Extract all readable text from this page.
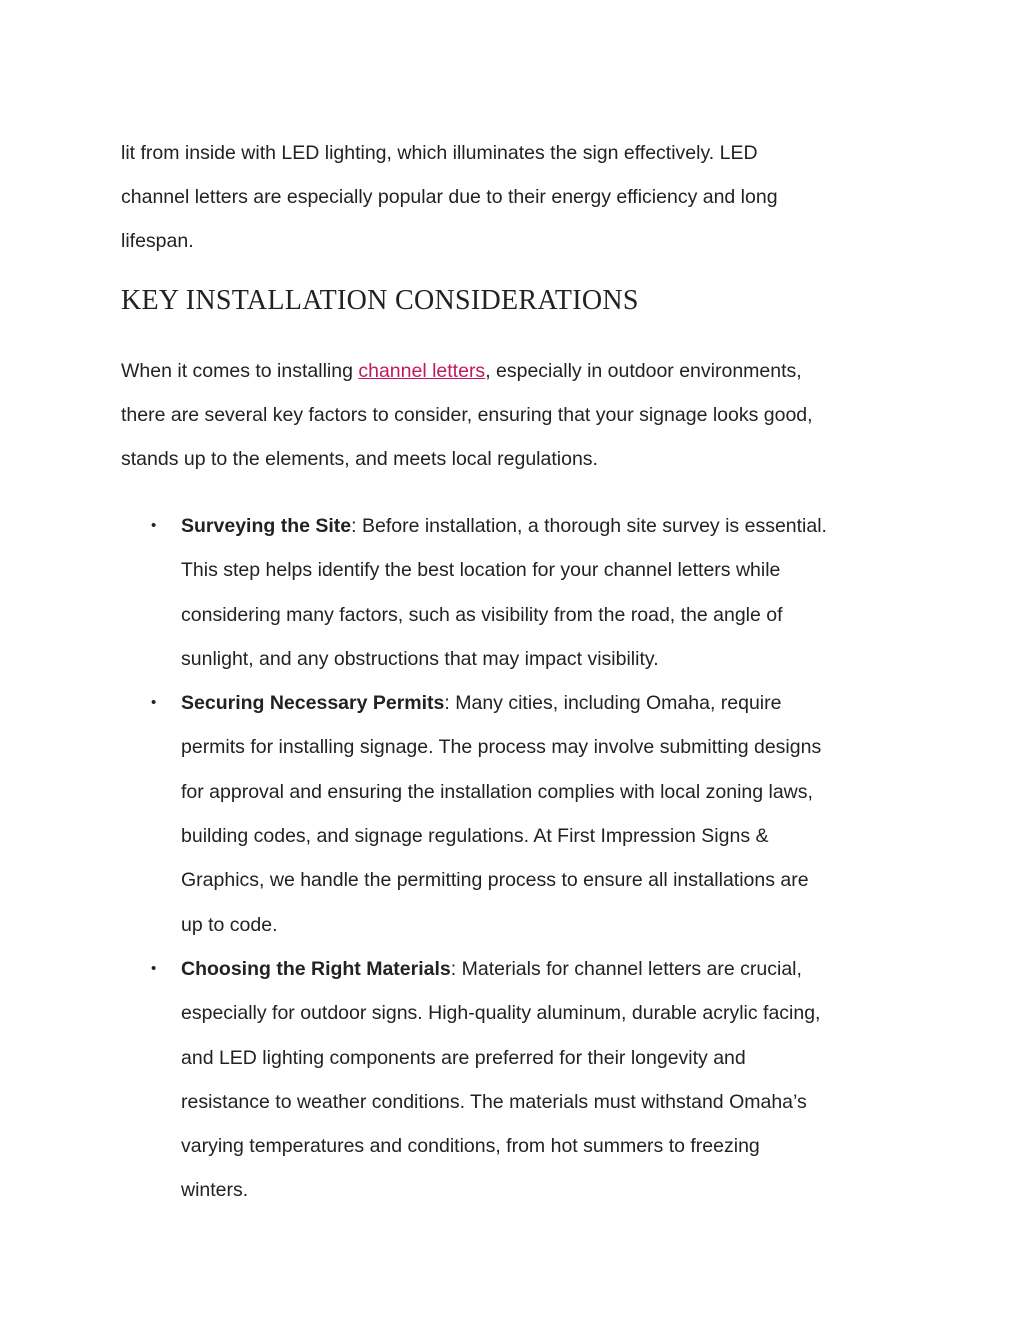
lit from inside with LED lighting, which illuminates the sign effectively. LED
channel letters are especially popular due to their energy efficiency and long
lifespan.

KEY INSTALLATION CONSIDERATIONS

When it comes to installing channel letters, especially in outdoor environments,
there are several key factors to consider, ensuring that your signage looks good,
stands up to the elements, and meets local regulations.

• Surveying the Site: Before installation, a thorough site survey is essential.
This step helps identify the best location for your channel letters while
considering many factors, such as visibility from the road, the angle of
sunlight, and any obstructions that may impact visibility.
• Securing Necessary Permits: Many cities, including Omaha, require
permits for installing signage. The process may involve submitting designs
for approval and ensuring the installation complies with local zoning laws,
building codes, and signage regulations. At First Impression Signs &
Graphics, we handle the permitting process to ensure all installations are
up to code.
• Choosing the Right Materials: Materials for channel letters are crucial,
especially for outdoor signs. High-quality aluminum, durable acrylic facing,
and LED lighting components are preferred for their longevity and
resistance to weather conditions. The materials must withstand Omaha’s
varying temperatures and conditions, from hot summers to freezing
winters.
